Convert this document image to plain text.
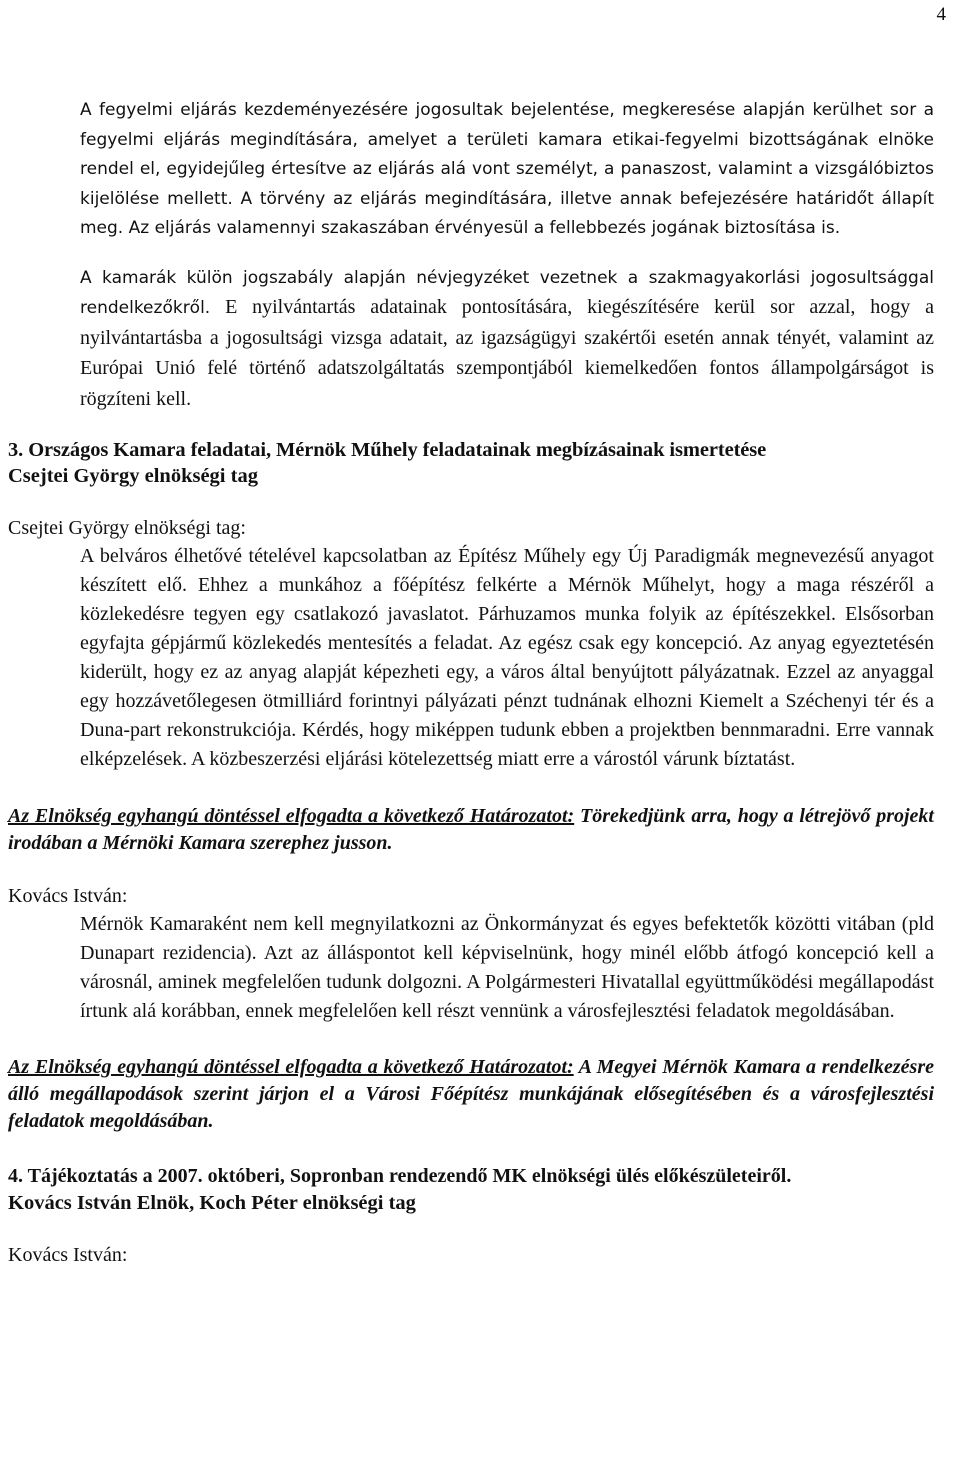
4

A fegyelmi eljárás kezdeményezésére jogosultak bejelentése, megkeresése alapján kerülhet sor a fegyelmi eljárás megindítására, amelyet a területi kamara etikai-fegyelmi bizottságának elnöke rendel el, egyidejűleg értesítve az eljárás alá vont személyt, a panaszost, valamint a vizsgálóbiztos kijelölése mellett. A törvény az eljárás megindítására, illetve annak befejezésére határidőt állapít meg. Az eljárás valamennyi szakaszában érvényesül a fellebbezés jogának biztosítása is.

A kamarák külön jogszabály alapján névjegyzéket vezetnek a szakmagyakorlási jogosultsággal rendelkezőkről. E nyilvántartás adatainak pontosítására, kiegészítésére kerül sor azzal, hogy a nyilvántartásba a jogosultsági vizsga adatait, az igazságügyi szakértői esetén annak tényét, valamint az Európai Unió felé történő adatszolgáltatás szempontjából kiemelkedően fontos állampolgárságot is rögzíteni kell.

3. Országos Kamara feladatai, Mérnök Műhely feladatainak megbízásainak ismertetése
Csejtei György elnökségi tag
Csejtei György elnökségi tag:

A belváros élhetővé tételével kapcsolatban az Építész Műhely egy Új Paradigmák megnevezésű anyagot készített elő. Ehhez a munkához a főépítész felkérte a Mérnök Műhelyt, hogy a maga részéről a közlekedésre tegyen egy csatlakozó javaslatot. Párhuzamos munka folyik az építészekkel. Elsősorban egyfajta gépjármű közlekedés mentesítés a feladat. Az egész csak egy koncepció. Az anyag egyeztetésén kiderült, hogy ez az anyag alapját képezheti egy, a város által benyújtott pályázatnak. Ezzel az anyaggal egy hozzávetőlegesen ötmilliárd forintnyi pályázati pénzt tudnának elhozni Kiemelt a Széchenyi tér és a Duna-part rekonstrukciója. Kérdés, hogy miképpen tudunk ebben a projektben bennmaradni. Erre vannak elképzelések. A közbeszerzési eljárási kötelezettség miatt erre a várostól várunk bíztatást.

Az Elnökség egyhangú döntéssel elfogadta a következő Határozatot: Törekedjünk arra, hogy a létrejövő projekt irodában a Mérnöki Kamara szerephez jusson.

Kovács István:

Mérnök Kamaraként nem kell megnyilatkozni az Önkormányzat és egyes befektetők közötti vitában (pld Dunapart rezidencia). Azt az álláspontot kell képviselnünk, hogy minél előbb átfogó koncepció kell a városnál, aminek megfelelően tudunk dolgozni. A Polgármesteri Hivatallal együttműködési megállapodást írtunk alá korábban, ennek megfelelően kell részt vennünk a városfejlesztési feladatok megoldásában.

Az Elnökség egyhangú döntéssel elfogadta a következő Határozatot: A Megyei Mérnök Kamara a rendelkezésre álló megállapodások szerint járjon el a Városi Főépítész munkájának elősegítésében és a városfejlesztési feladatok megoldásában.

4. Tájékoztatás a 2007. októberi, Sopronban rendezendő MK elnökségi ülés előkészületeiről.

Kovács István Elnök, Koch Péter elnökségi tag
Kovács István:
